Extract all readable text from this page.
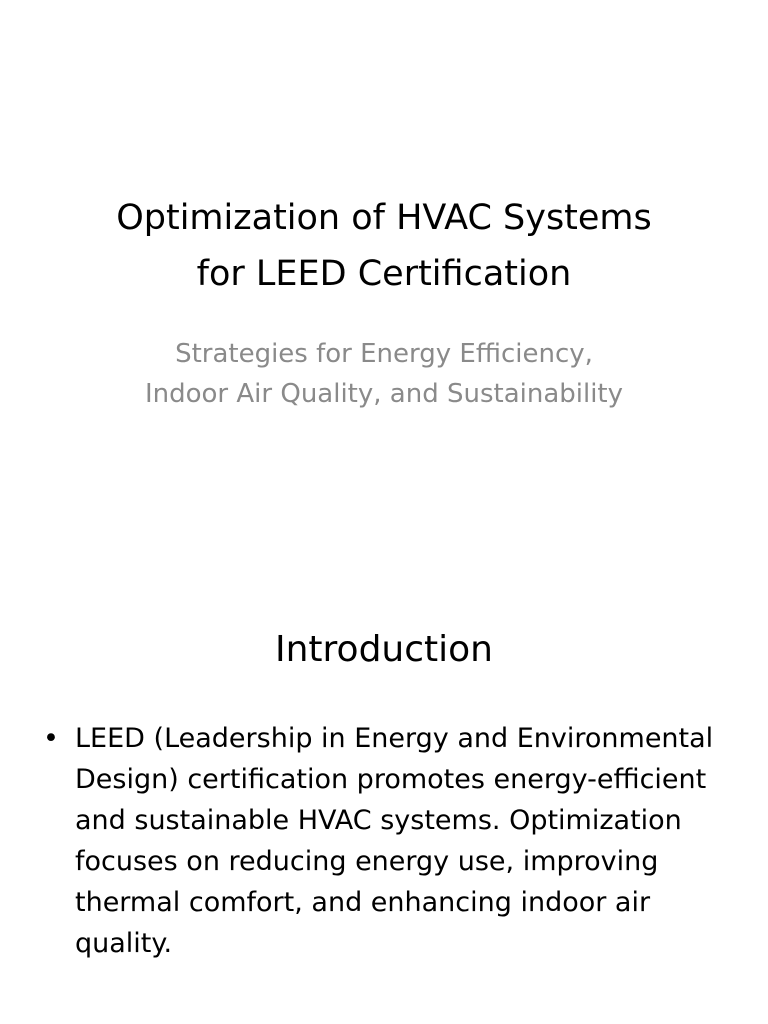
Optimization of HVAC Systems
for LEED Certification

Strategies for Energy Efficiency,
Indoor Air Quality, and Sustainability

Introduction
• LEED (Leadership in Energy and Environmental Design) certification promotes energy-efficient and sustainable HVAC systems. Optimization focuses on reducing energy use, improving thermal comfort, and enhancing indoor air quality.
